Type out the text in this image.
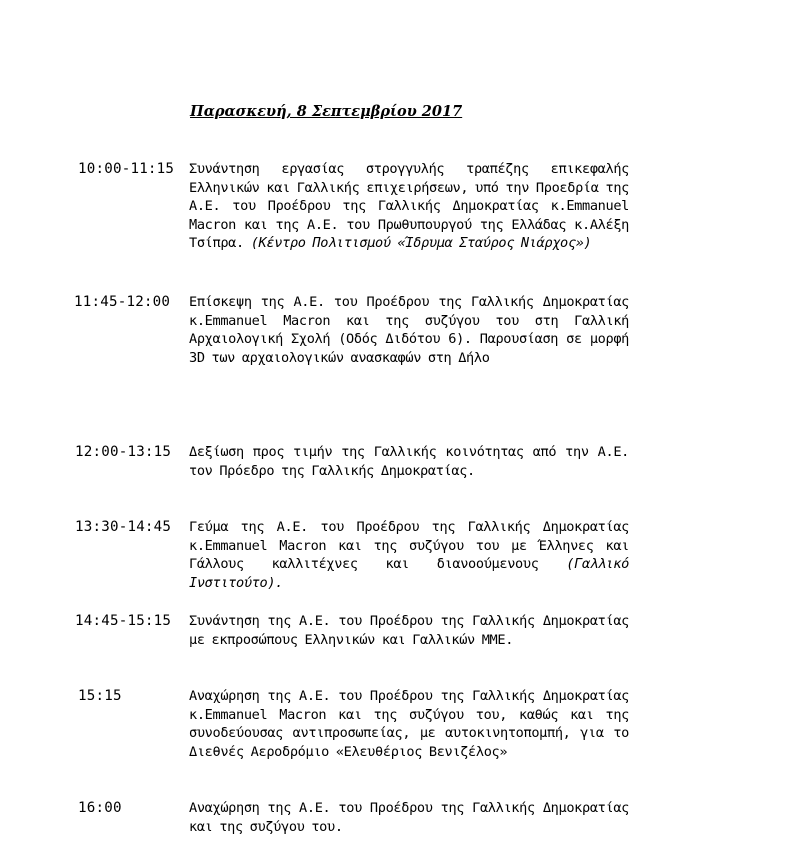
Παρασκευή, 8 Σεπτεμβρίου 2017
10:00-11:15 Συνάντηση εργασίας στρογγυλής τραπέζης επικεφαλής Ελληνικών και Γαλλικής επιχειρήσεων, υπό την Προεδρία της Α.Ε. του Προέδρου της Γαλλικής Δημοκρατίας κ.Emmanuel Macron και της Α.Ε. του Πρωθυπουργού της Ελλάδας κ.Αλέξη Τσίπρα. (Κέντρο Πολιτισμού «Ίδρυμα Σταύρος Νιάρχος»)
11:45-12:00 Επίσκεψη της Α.Ε. του Προέδρου της Γαλλικής Δημοκρατίας κ.Emmanuel Macron και της συζύγου του στη Γαλλική Αρχαιολογική Σχολή (Οδός Διδότου 6). Παρουσίαση σε μορφή 3D των αρχαιολογικών ανασκαφών στη Δήλο
12:00-13:15 Δεξίωση προς τιμήν της Γαλλικής κοινότητας από την Α.Ε. τον Πρόεδρο της Γαλλικής Δημοκρατίας.
13:30-14:45 Γεύμα της Α.Ε. του Προέδρου της Γαλλικής Δημοκρατίας κ.Emmanuel Macron και της συζύγου του με Έλληνες και Γάλλους καλλιτέχνες και διανοούμενους (Γαλλικό Ινστιτούτο).
14:45-15:15 Συνάντηση της Α.Ε. του Προέδρου της Γαλλικής Δημοκρατίας με εκπροσώπους Ελληνικών και Γαλλικών ΜΜΕ.
15:15	Αναχώρηση της Α.Ε. του Προέδρου της Γαλλικής Δημοκρατίας κ.Emmanuel Macron και της συζύγου του, καθώς και της συνοδεύουσας αντιπροσωπείας, με αυτοκινητοπομπή, για το Διεθνές Αεροδρόμιο «Ελευθέριος Βενιζέλος»
16:00	Αναχώρηση της Α.Ε. του Προέδρου της Γαλλικής Δημοκρατίας και της συζύγου του.
